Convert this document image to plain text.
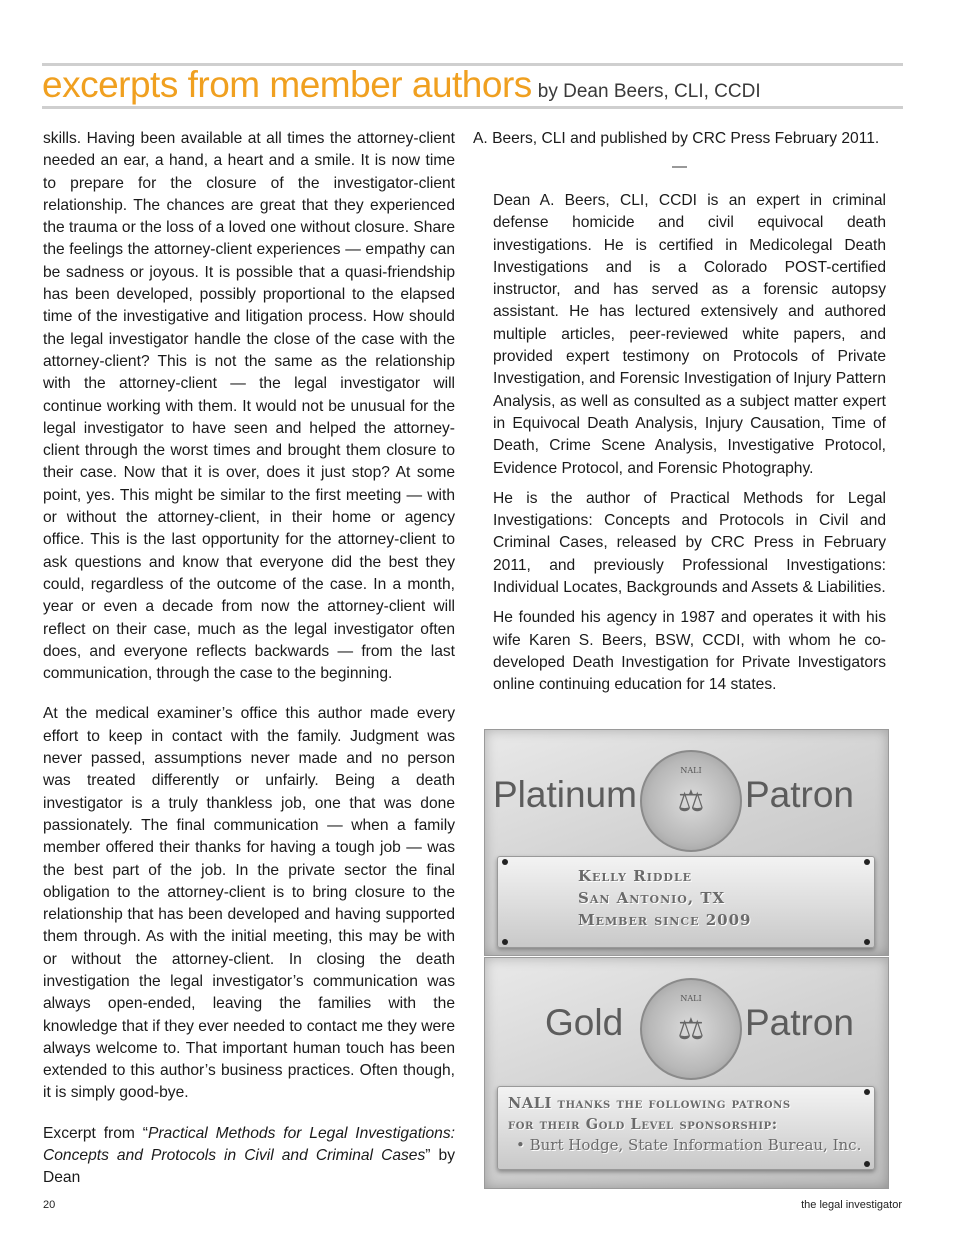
excerpts from member authors by Dean Beers, CLI, CCDI

skills. Having been available at all times the attorney-client needed an ear, a hand, a heart and a smile. It is now time to prepare for the closure of the investigator-client relationship. The chances are great that they experienced the trauma or the loss of a loved one without closure. Share the feelings the attorney-client experiences — empathy can be sadness or joyous. It is possible that a quasi-friendship has been developed, possibly proportional to the elapsed time of the investigative and litigation process. How should the legal investigator handle the close of the case with the attorney-client? This is not the same as the relationship with the attorney-client — the legal investigator will continue working with them. It would not be unusual for the legal investigator to have seen and helped the attorney-client through the worst times and brought them closure to their case. Now that it is over, does it just stop? At some point, yes. This might be similar to the first meeting — with or without the attorney-client, in their home or agency office. This is the last opportunity for the attorney-client to ask questions and know that everyone did the best they could, regardless of the outcome of the case. In a month, year or even a decade from now the attorney-client will reflect on their case, much as the legal investigator often does, and everyone reflects backwards — from the last communication, through the case to the beginning.

At the medical examiner’s office this author made every effort to keep in contact with the family. Judgment was never passed, assumptions never made and no person was treated differently or unfairly. Being a death investigator is a truly thankless job, one that was done passionately. The final communication — when a family member offered their thanks for having a tough job — was the best part of the job. In the private sector the final obligation to the attorney-client is to bring closure to the relationship that has been developed and having supported them through. As with the initial meeting, this may be with or without the attorney-client. In closing the death investigation the legal investigator’s communication was always open-ended, leaving the families with the knowledge that if they ever needed to contact me they were always welcome to. That important human touch has been extended to this author’s business practices. Often though, it is simply good-bye.

Excerpt from “Practical Methods for Legal Investigations: Concepts and Protocols in Civil and Criminal Cases” by Dean

A. Beers, CLI and published by CRC Press February 2011.
—

Dean A. Beers, CLI, CCDI is an expert in criminal defense homicide and civil equivocal death investigations. He is certified in Medicolegal Death Investigations and is a Colorado POST-certified instructor, and has served as a forensic autopsy assistant. He has lectured extensively and authored multiple articles, peer-reviewed white papers, and provided expert testimony on Protocols of Private Investigation, and Forensic Investigation of Injury Pattern Analysis, as well as consulted as a subject matter expert in Equivocal Death Analysis, Injury Causation, Time of Death, Crime Scene Analysis, Investigative Protocol, Evidence Protocol, and Forensic Photography.

He is the author of Practical Methods for Legal Investigations: Concepts and Protocols in Civil and Criminal Cases, released by CRC Press in February 2011, and previously Professional Investigations: Individual Locates, Backgrounds and Assets & Liabilities.

He founded his agency in 1987 and operates it with his wife Karen S. Beers, BSW, CCDI, with whom he co-developed Death Investigation for Private Investigators online continuing education for 14 states.

Platinum
NALI
⚖	Patron
Kelly Riddle
San Antonio, TX
Member since 2009
Gold
NALI
⚖	Patron
NALI thanks the following patrons
for their Gold Level sponsorship:
• Burt Hodge, State Information Bureau, Inc.
20	the legal investigator
